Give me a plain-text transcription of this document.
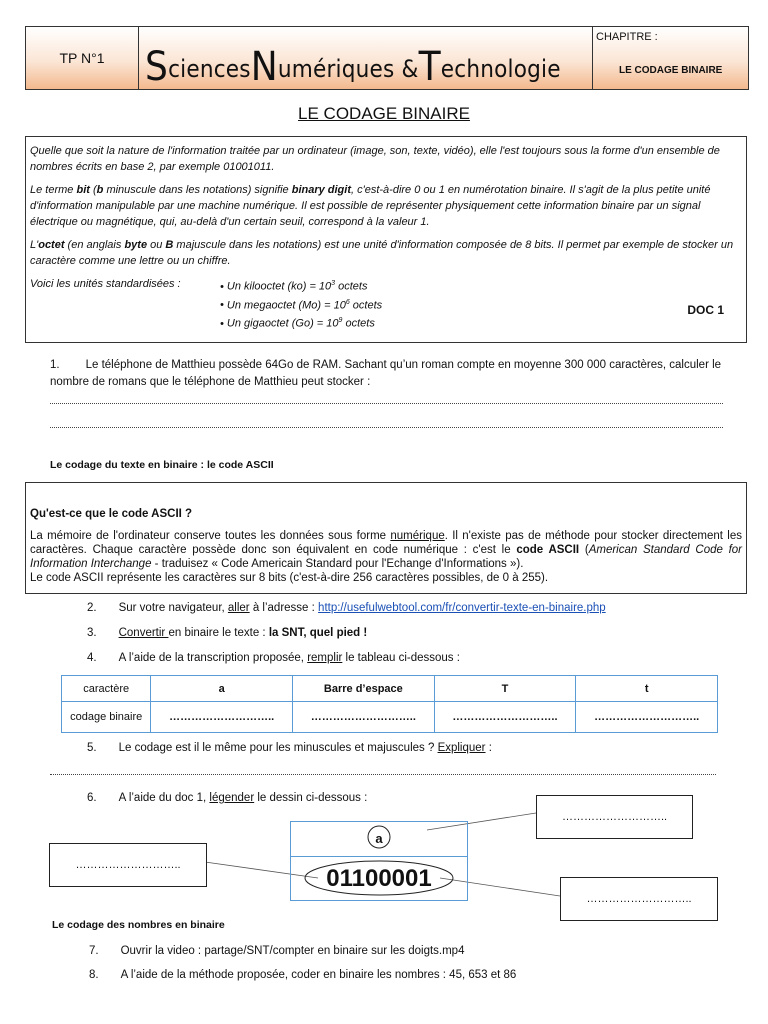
TP N°1	S ciences N umériques & T echnologie
CHAPITRE :
LE CODAGE BINAIRE
LE CODAGE BINAIRE

Quelle que soit la nature de l'information traitée par un ordinateur (image, son, texte, vidéo), elle l'est toujours sous la forme d'un ensemble de nombres écrits en base 2, par exemple 01001011.

Le terme bit (b minuscule dans les notations) signifie binary digit, c'est-à-dire 0 ou 1 en numérotation binaire. Il s'agit de la plus petite unité d'information manipulable par une machine numérique. Il est possible de représenter physiquement cette information binaire par un signal électrique ou magnétique, qui, au-delà d'un certain seuil, correspond à la valeur 1.

L'octet (en anglais byte ou B majuscule dans les notations) est une unité d'information composée de 8 bits. Il permet par exemple de stocker un caractère comme une lettre ou un chiffre.

Voici les unités standardisées :	• Un kilooctet $(ko) = 10^3$ octets
• Un megaoctet $(Mo) = 10^6$ octets
• Un gigaoctet $(Go) = 10^9$ octets
DOC 1
1. Le téléphone de Matthieu possède 64Go de RAM. Sachant qu’un roman compte en moyenne 300 000 caractères, calculer le nombre de romans que le téléphone de Matthieu peut stocker :
Le codage du texte en binaire : le code ASCII
Qu'est-ce que le code ASCII ?
La mémoire de l'ordinateur conserve toutes les données sous forme numérique. Il n'existe pas de méthode pour stocker directement les caractères. Chaque caractère possède donc son équivalent en code numérique : c'est le code ASCII (American Standard Code for Information Interchange - traduisez « Code Americain Standard pour l'Echange d'Informations »).
Le code ASCII représente les caractères sur 8 bits (c'est-à-dire 256 caractères possibles, de 0 à 255).
2. Sur votre navigateur, aller à l’adresse : http://usefulwebtool.com/fr/convertir-texte-en-binaire.php
3. Convertir en binaire le texte : la SNT, quel pied !
4. A l’aide de la transcription proposée, remplir le tableau ci-dessous :
caractère	a	Barre d’espace	T	t
codage binaire	………………………..	………………………..	………………………..	………………………..
5. Le codage est il le même pour les minuscules et majuscules ? Expliquer :
6. A l’aide du doc 1, légender le dessin ci-dessous :
a
01100001
………………………..
………………………..
………………………..
Le codage des nombres en binaire
7. Ouvrir la video : partage/SNT/compter en binaire sur les doigts.mp4
8. A l’aide de la méthode proposée, coder en binaire les nombres : 45, 653 et 86
